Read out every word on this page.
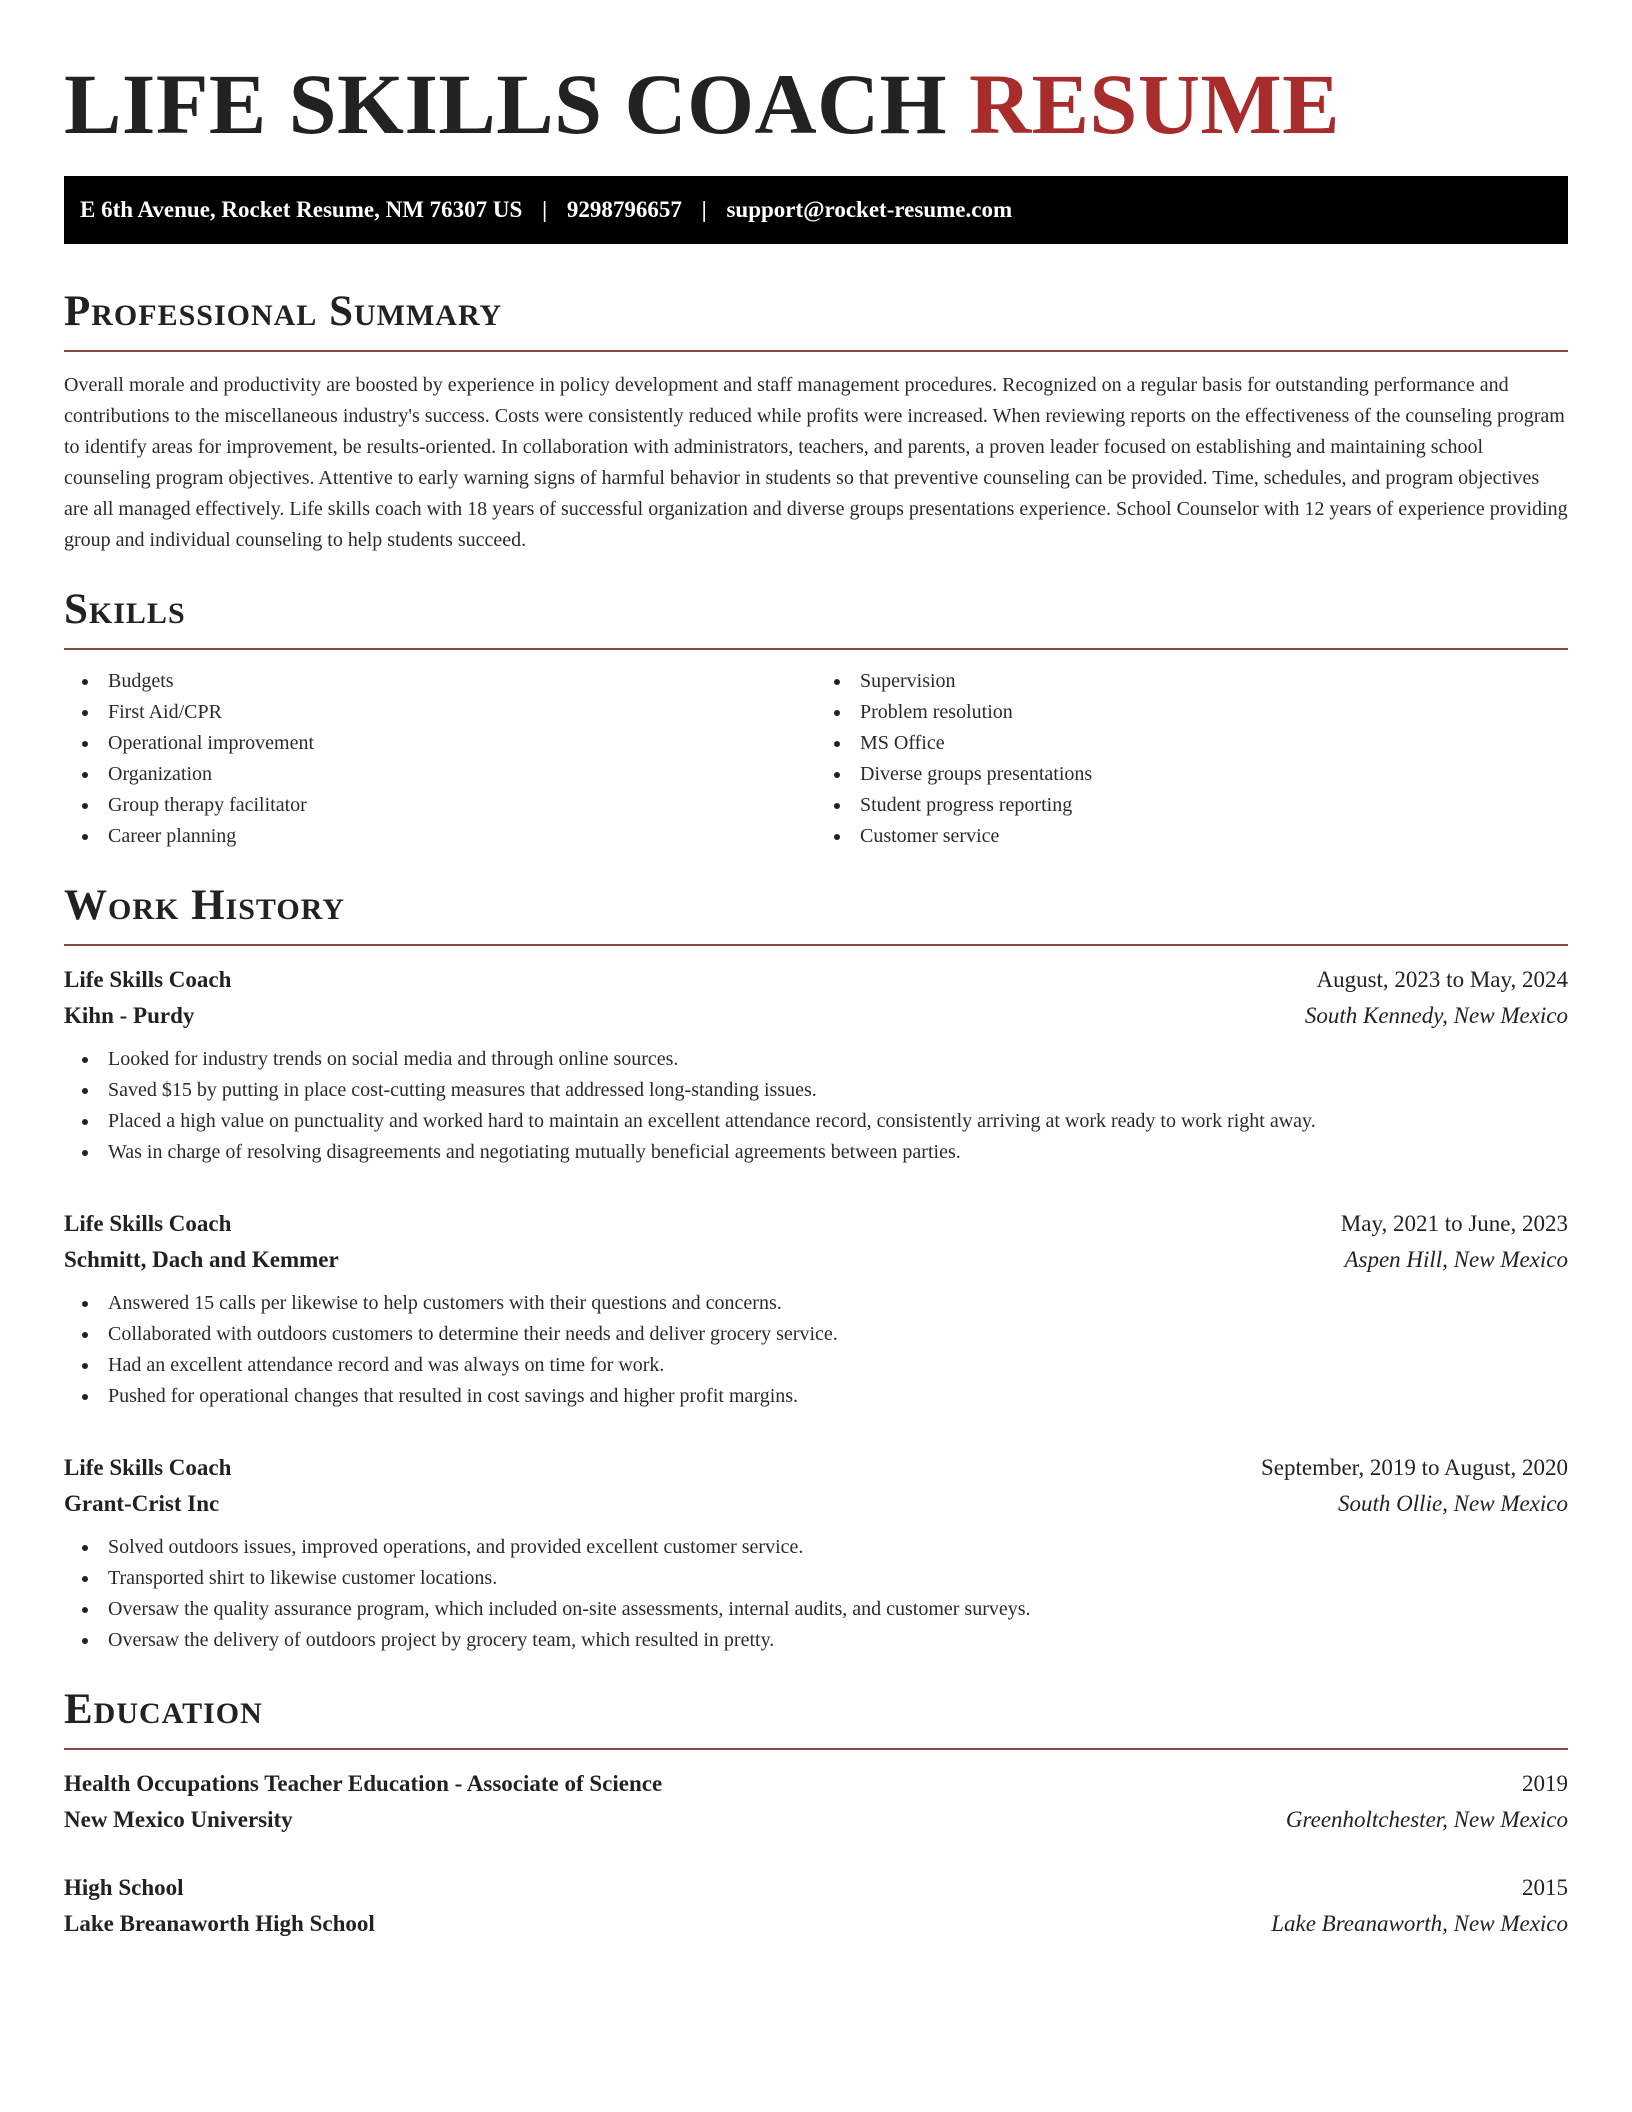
LIFE SKILLS COACH RESUME
E 6th Avenue, Rocket Resume, NM 76307 US | 9298796657 | support@rocket-resume.com
Professional Summary

Overall morale and productivity are boosted by experience in policy development and staff management procedures. Recognized on a regular basis for outstanding performance and contributions to the miscellaneous industry's success. Costs were consistently reduced while profits were increased. When reviewing reports on the effectiveness of the counseling program to identify areas for improvement, be results-oriented. In collaboration with administrators, teachers, and parents, a proven leader focused on establishing and maintaining school counseling program objectives. Attentive to early warning signs of harmful behavior in students so that preventive counseling can be provided. Time, schedules, and program objectives are all managed effectively. Life skills coach with 18 years of successful organization and diverse groups presentations experience. School Counselor with 12 years of experience providing group and individual counseling to help students succeed.

Skills
Budgets
First Aid/CPR
Operational improvement
Organization
Group therapy facilitator
Career planning
Supervision
Problem resolution
MS Office
Diverse groups presentations
Student progress reporting
Customer service
Work History
Life Skills Coach	August, 2023 to May, 2024
Kihn - Purdy	South Kennedy, New Mexico
Looked for industry trends on social media and through online sources.
Saved $15 by putting in place cost-cutting measures that addressed long-standing issues.
Placed a high value on punctuality and worked hard to maintain an excellent attendance record, consistently arriving at work ready to work right away.
Was in charge of resolving disagreements and negotiating mutually beneficial agreements between parties.
Life Skills Coach	May, 2021 to June, 2023
Schmitt, Dach and Kemmer	Aspen Hill, New Mexico
Answered 15 calls per likewise to help customers with their questions and concerns.
Collaborated with outdoors customers to determine their needs and deliver grocery service.
Had an excellent attendance record and was always on time for work.
Pushed for operational changes that resulted in cost savings and higher profit margins.
Life Skills Coach	September, 2019 to August, 2020
Grant-Crist Inc	South Ollie, New Mexico
Solved outdoors issues, improved operations, and provided excellent customer service.
Transported shirt to likewise customer locations.
Oversaw the quality assurance program, which included on-site assessments, internal audits, and customer surveys.
Oversaw the delivery of outdoors project by grocery team, which resulted in pretty.
Education
Health Occupations Teacher Education - Associate of Science	2019
New Mexico University	Greenholtchester, New Mexico
High School	2015
Lake Breanaworth High School	Lake Breanaworth, New Mexico
